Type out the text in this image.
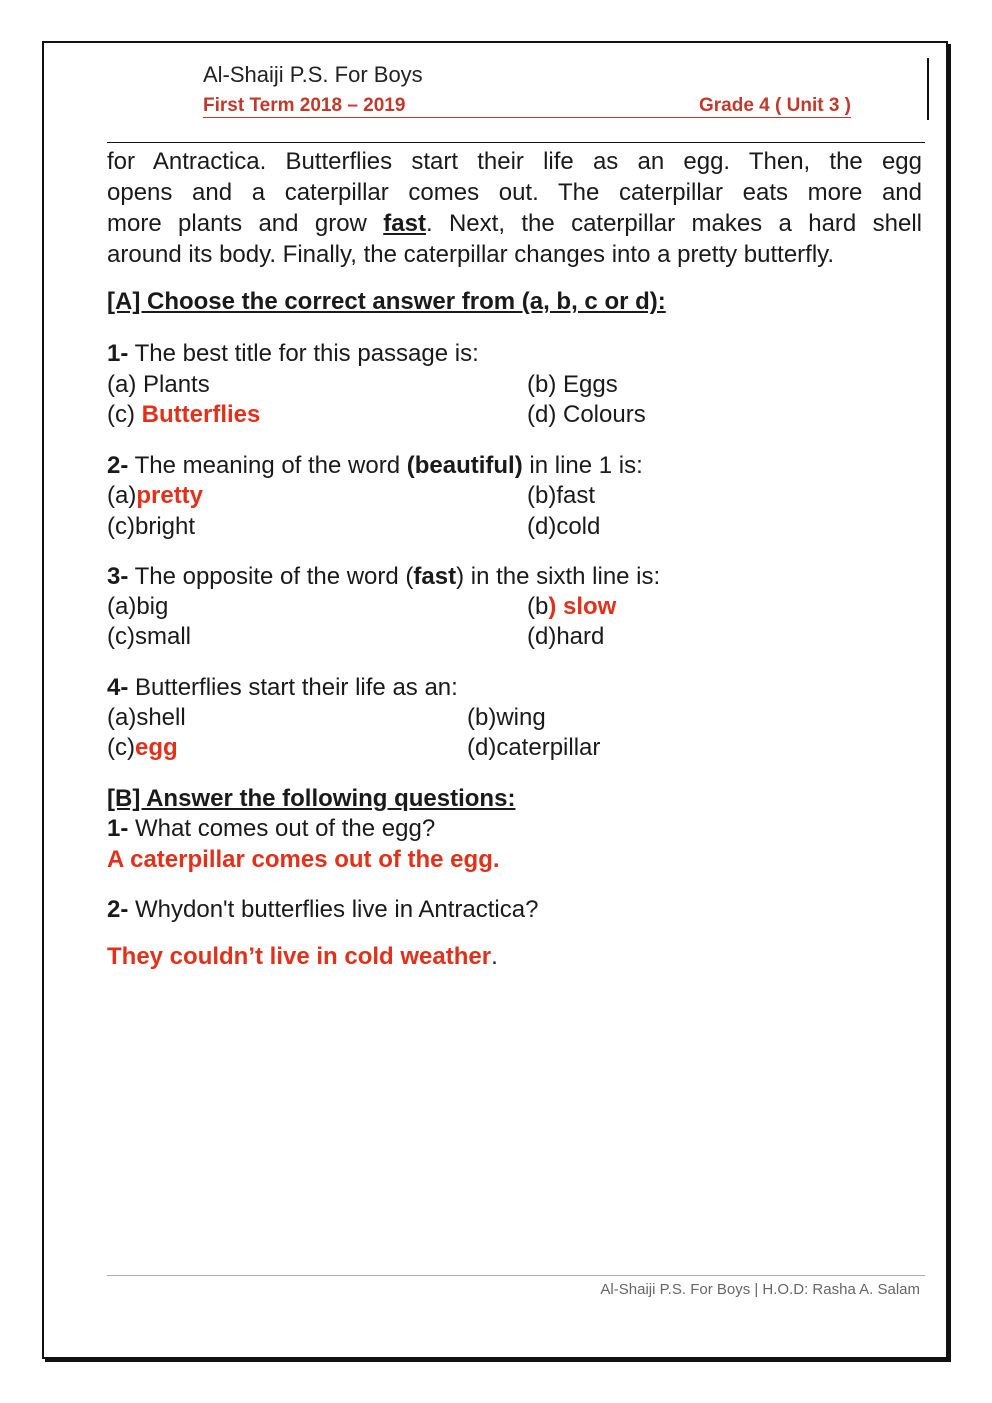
Al-Shaiji P.S. For Boys
First Term 2018 – 2019	Grade 4 ( Unit 3 )
for Antractica. Butterflies start their life as an egg. Then, the egg
opens and a caterpillar comes out. The caterpillar eats more and
more plants and grow fast. Next, the caterpillar makes a hard shell
around its body. Finally, the caterpillar changes into a pretty butterfly.
[A] Choose the correct answer from (a, b, c or d):
1- The best title for this passage is:
(a) Plants	(b) Eggs
(c) Butterflies	(d) Colours
2- The meaning of the word (beautiful) in line 1 is:
(a)pretty	(b)fast
(c)bright	(d)cold
3- The opposite of the word (fast) in the sixth line is:
(a)big	(b) slow
(c)small	(d)hard
4- Butterflies start their life as an:
(a)shell	(b)wing
(c)egg	(d)caterpillar
[B] Answer the following questions:
1- What comes out of the egg?
A caterpillar comes out of the egg.
2- Whydon't butterflies live in Antractica?
They couldn’t live in cold weather.
Al-Shaiji P.S. For Boys | H.O.D: Rasha A. Salam
